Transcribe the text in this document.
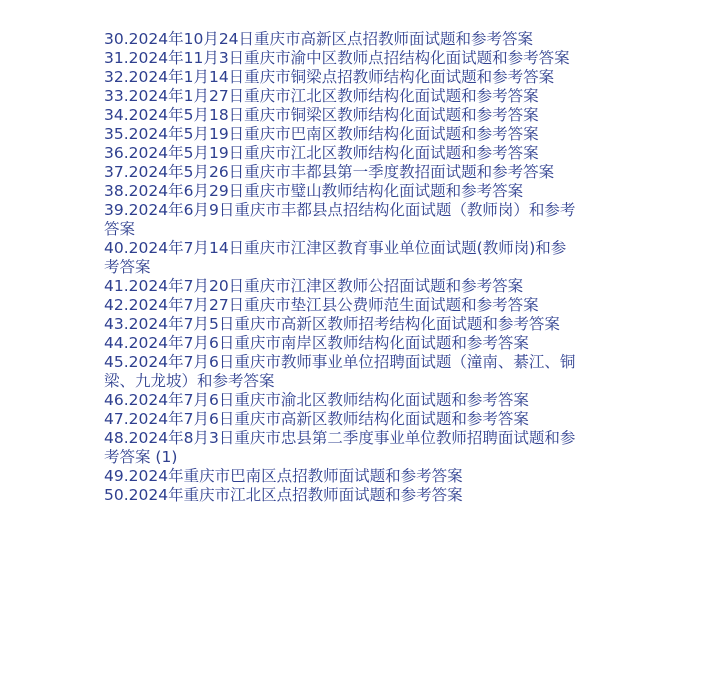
30.2024年10月24日重庆市高新区点招教师面试题和参考答案
31.2024年11月3日重庆市渝中区教师点招结构化面试题和参考答案
32.2024年1月14日重庆市铜梁点招教师结构化面试题和参考答案
33.2024年1月27日重庆市江北区教师结构化面试题和参考答案
34.2024年5月18日重庆市铜梁区教师结构化面试题和参考答案
35.2024年5月19日重庆市巴南区教师结构化面试题和参考答案
36.2024年5月19日重庆市江北区教师结构化面试题和参考答案
37.2024年5月26日重庆市丰都县第一季度教招面试题和参考答案
38.2024年6月29日重庆市璧山教师结构化面试题和参考答案
39.2024年6月9日重庆市丰都县点招结构化面试题（教师岗）和参考答案
40.2024年7月14日重庆市江津区教育事业单位面试题(教师岗)和参考答案
41.2024年7月20日重庆市江津区教师公招面试题和参考答案
42.2024年7月27日重庆市垫江县公费师范生面试题和参考答案
43.2024年7月5日重庆市高新区教师招考结构化面试题和参考答案
44.2024年7月6日重庆市南岸区教师结构化面试题和参考答案
45.2024年7月6日重庆市教师事业单位招聘面试题（潼南、綦江、铜梁、九龙坡）和参考答案
46.2024年7月6日重庆市渝北区教师结构化面试题和参考答案
47.2024年7月6日重庆市高新区教师结构化面试题和参考答案
48.2024年8月3日重庆市忠县第二季度事业单位教师招聘面试题和参考答案 (1)
49.2024年重庆市巴南区点招教师面试题和参考答案
50.2024年重庆市江北区点招教师面试题和参考答案
